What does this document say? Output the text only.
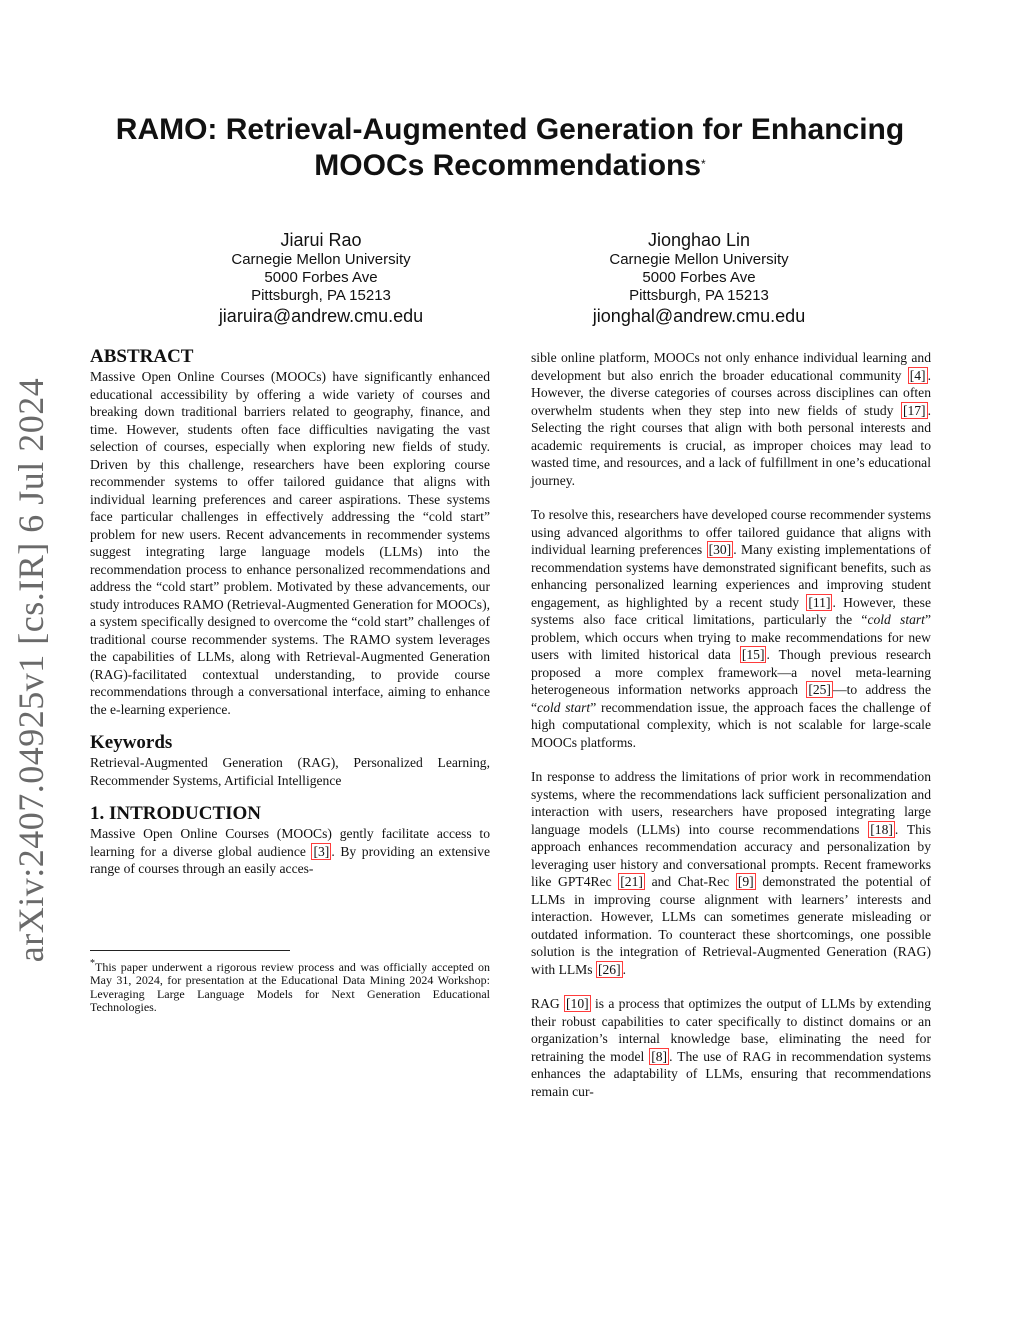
arXiv:2407.04925v1 [cs.IR] 6 Jul 2024
RAMO: Retrieval-Augmented Generation for Enhancing
MOOCs Recommendations*
Jiarui Rao
Carnegie Mellon University
5000 Forbes Ave
Pittsburgh, PA 15213
jiaruira@andrew.cmu.edu
Jionghao Lin
Carnegie Mellon University
5000 Forbes Ave
Pittsburgh, PA 15213
jionghal@andrew.cmu.edu
ABSTRACT
Massive Open Online Courses (MOOCs) have significantly enhanced educational accessibility by offering a wide variety of courses and breaking down traditional barriers related to geography, finance, and time. However, students often face difficulties navigating the vast selection of courses, especially when exploring new fields of study. Driven by this challenge, researchers have been exploring course recommender systems to offer tailored guidance that aligns with individual learning preferences and career aspirations. These systems face particular challenges in effectively addressing the “cold start” problem for new users. Recent advancements in recommender systems suggest integrating large language models (LLMs) into the recommendation process to enhance personalized recommendations and address the “cold start” problem. Motivated by these advancements, our study introduces RAMO (Retrieval-Augmented Generation for MOOCs), a system specifically designed to overcome the “cold start” challenges of traditional course recommender systems. The RAMO system leverages the capabilities of LLMs, along with Retrieval-Augmented Generation (RAG)-facilitated contextual understanding, to provide course recommendations through a conversational interface, aiming to enhance the e-learning experience.
Keywords
Retrieval-Augmented Generation (RAG), Personalized Learning, Recommender Systems, Artificial Intelligence
1. INTRODUCTION
Massive Open Online Courses (MOOCs) gently facilitate access to learning for a diverse global audience [3] . By providing an extensive range of courses through an easily acces-
*This paper underwent a rigorous review process and was officially accepted on May 31, 2024, for presentation at the Educational Data Mining 2024 Workshop: Leveraging Large Language Models for Next Generation Educational Technologies.
sible online platform, MOOCs not only enhance individual learning and development but also enrich the broader educational community [4] . However, the diverse categories of courses across disciplines can often overwhelm students when they step into new fields of study [17] . Selecting the right courses that align with both personal interests and academic requirements is crucial, as improper choices may lead to wasted time, and resources, and a lack of fulfillment in one’s educational journey.
To resolve this, researchers have developed course recommender systems using advanced algorithms to offer tailored guidance that aligns with individual learning preferences [30] . Many existing implementations of recommendation systems have demonstrated significant benefits, such as enhancing personalized learning experiences and improving student engagement, as highlighted by a recent study [11] . However, these systems also face critical limitations, particularly the “cold start” problem, which occurs when trying to make recommendations for new users with limited historical data [15] . Though previous research proposed a more complex framework—a novel meta-learning heterogeneous information networks approach [25] —to address the “cold start” recommendation issue, the approach faces the challenge of high computational complexity, which is not scalable for large-scale MOOCs platforms.
In response to address the limitations of prior work in recommendation systems, where the recommendations lack sufficient personalization and interaction with users, researchers have proposed integrating large language models (LLMs) into course recommendations [18] . This approach enhances recommendation accuracy and personalization by leveraging user history and conversational prompts. Recent frameworks like GPT4Rec [21] and Chat-Rec [9] demonstrated the potential of LLMs in improving course alignment with learners’ interests and interaction. However, LLMs can sometimes generate misleading or outdated information. To counteract these shortcomings, one possible solution is the integration of Retrieval-Augmented Generation (RAG) with LLMs [26] .
RAG [10] is a process that optimizes the output of LLMs by extending their robust capabilities to cater specifically to distinct domains or an organization’s internal knowledge base, eliminating the need for retraining the model [8] . The use of RAG in recommendation systems enhances the adaptability of LLMs, ensuring that recommendations remain cur-
